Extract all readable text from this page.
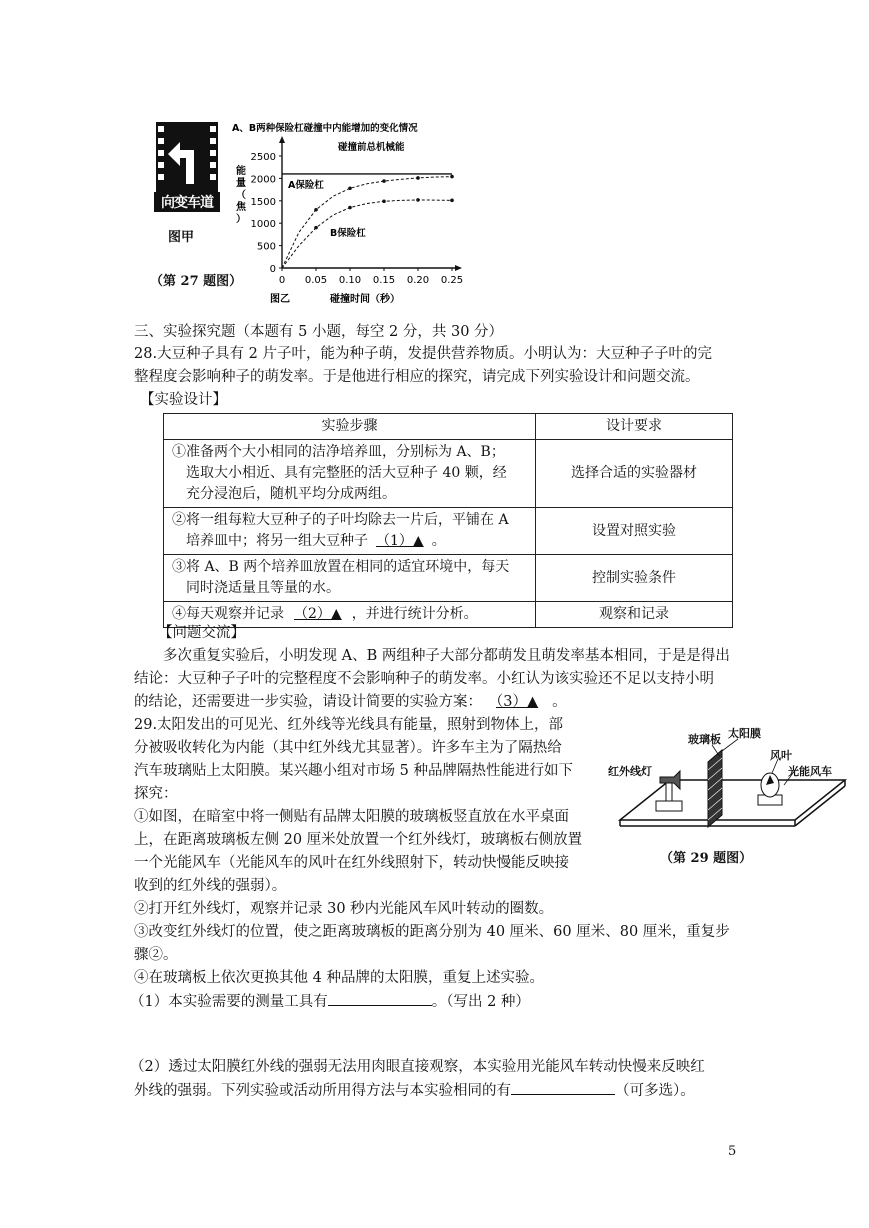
向变车道
图甲
（第 27 题图）
A、B两种保险杠碰撞中内能增加的变化情况
能量（焦）
碰撞时间（秒）
图乙
0
500
1000
1500
2000
2500
0 0.05 0.10 0.15 0.20 0.25
碰撞前总机械能
A保险杠
B保险杠
三、实验探究题（本题有 5 小题，每空 2 分，共 30 分）
28.大豆种子具有 2 片子叶，能为种子萌，发提供营养物质。小明认为：大豆种子子叶的完
整程度会影响种子的萌发率。于是他进行相应的探究，请完成下列实验设计和问题交流。
【实验设计】
实验步骤	设计要求

①准备两个大小相同的洁净培养皿，分别标为 A、B；
选取大小相近、具有完整胚的活大豆种子 40 颗，经
充分浸泡后，随机平均分成两组。	选择合适的实验器材

②将一组每粒大豆种子的子叶均除去一片后，平铺在 A
培养皿中；将另一组大豆种子 （1）▲ 。	设置对照实验

③将 A、B 两个培养皿放置在相同的适宜环境中，每天
同时浇适量且等量的水。	控制实验条件
④每天观察并记录 （2）▲ ，并进行统计分析。	观察和记录
【问题交流】
多次重复实验后，小明发现 A、B 两组种子大部分都萌发且萌发率基本相同，于是是得出
结论：大豆种子子叶的完整程度不会影响种子的萌发率。小红认为该实验还不足以支持小明
的结论，还需要进一步实验，请设计简要的实验方案： （3）▲ 。
29.太阳发出的可见光、红外线等光线具有能量，照射到物体上，部
分被吸收转化为内能（其中红外线尤其显著）。许多车主为了隔热给
汽车玻璃贴上太阳膜。某兴趣小组对市场 5 种品牌隔热性能进行如下
探究：
①如图，在暗室中将一侧贴有品牌太阳膜的玻璃板竖直放在水平桌面
上，在距离玻璃板左侧 20 厘米处放置一个红外线灯，玻璃板右侧放置
一个光能风车（光能风车的风叶在红外线照射下，转动快慢能反映接
收到的红外线的强弱）。
②打开红外线灯，观察并记录 30 秒内光能风车风叶转动的圈数。
③改变红外线灯的位置，使之距离玻璃板的距离分别为 40 厘米、60 厘米、80 厘米，重复步
骤②。
④在玻璃板上依次更换其他 4 种品牌的太阳膜，重复上述实验。
（1）本实验需要的测量工具有	。（写出 2 种）
（2）透过太阳膜红外线的强弱无法用肉眼直接观察，本实验用光能风车转动快慢来反映红
外线的强弱。下列实验或活动所用得方法与本实验相同的有	（可多选）。
红外线灯
玻璃板 太阳膜
风叶
光能风车
（第 29 题图）
5
